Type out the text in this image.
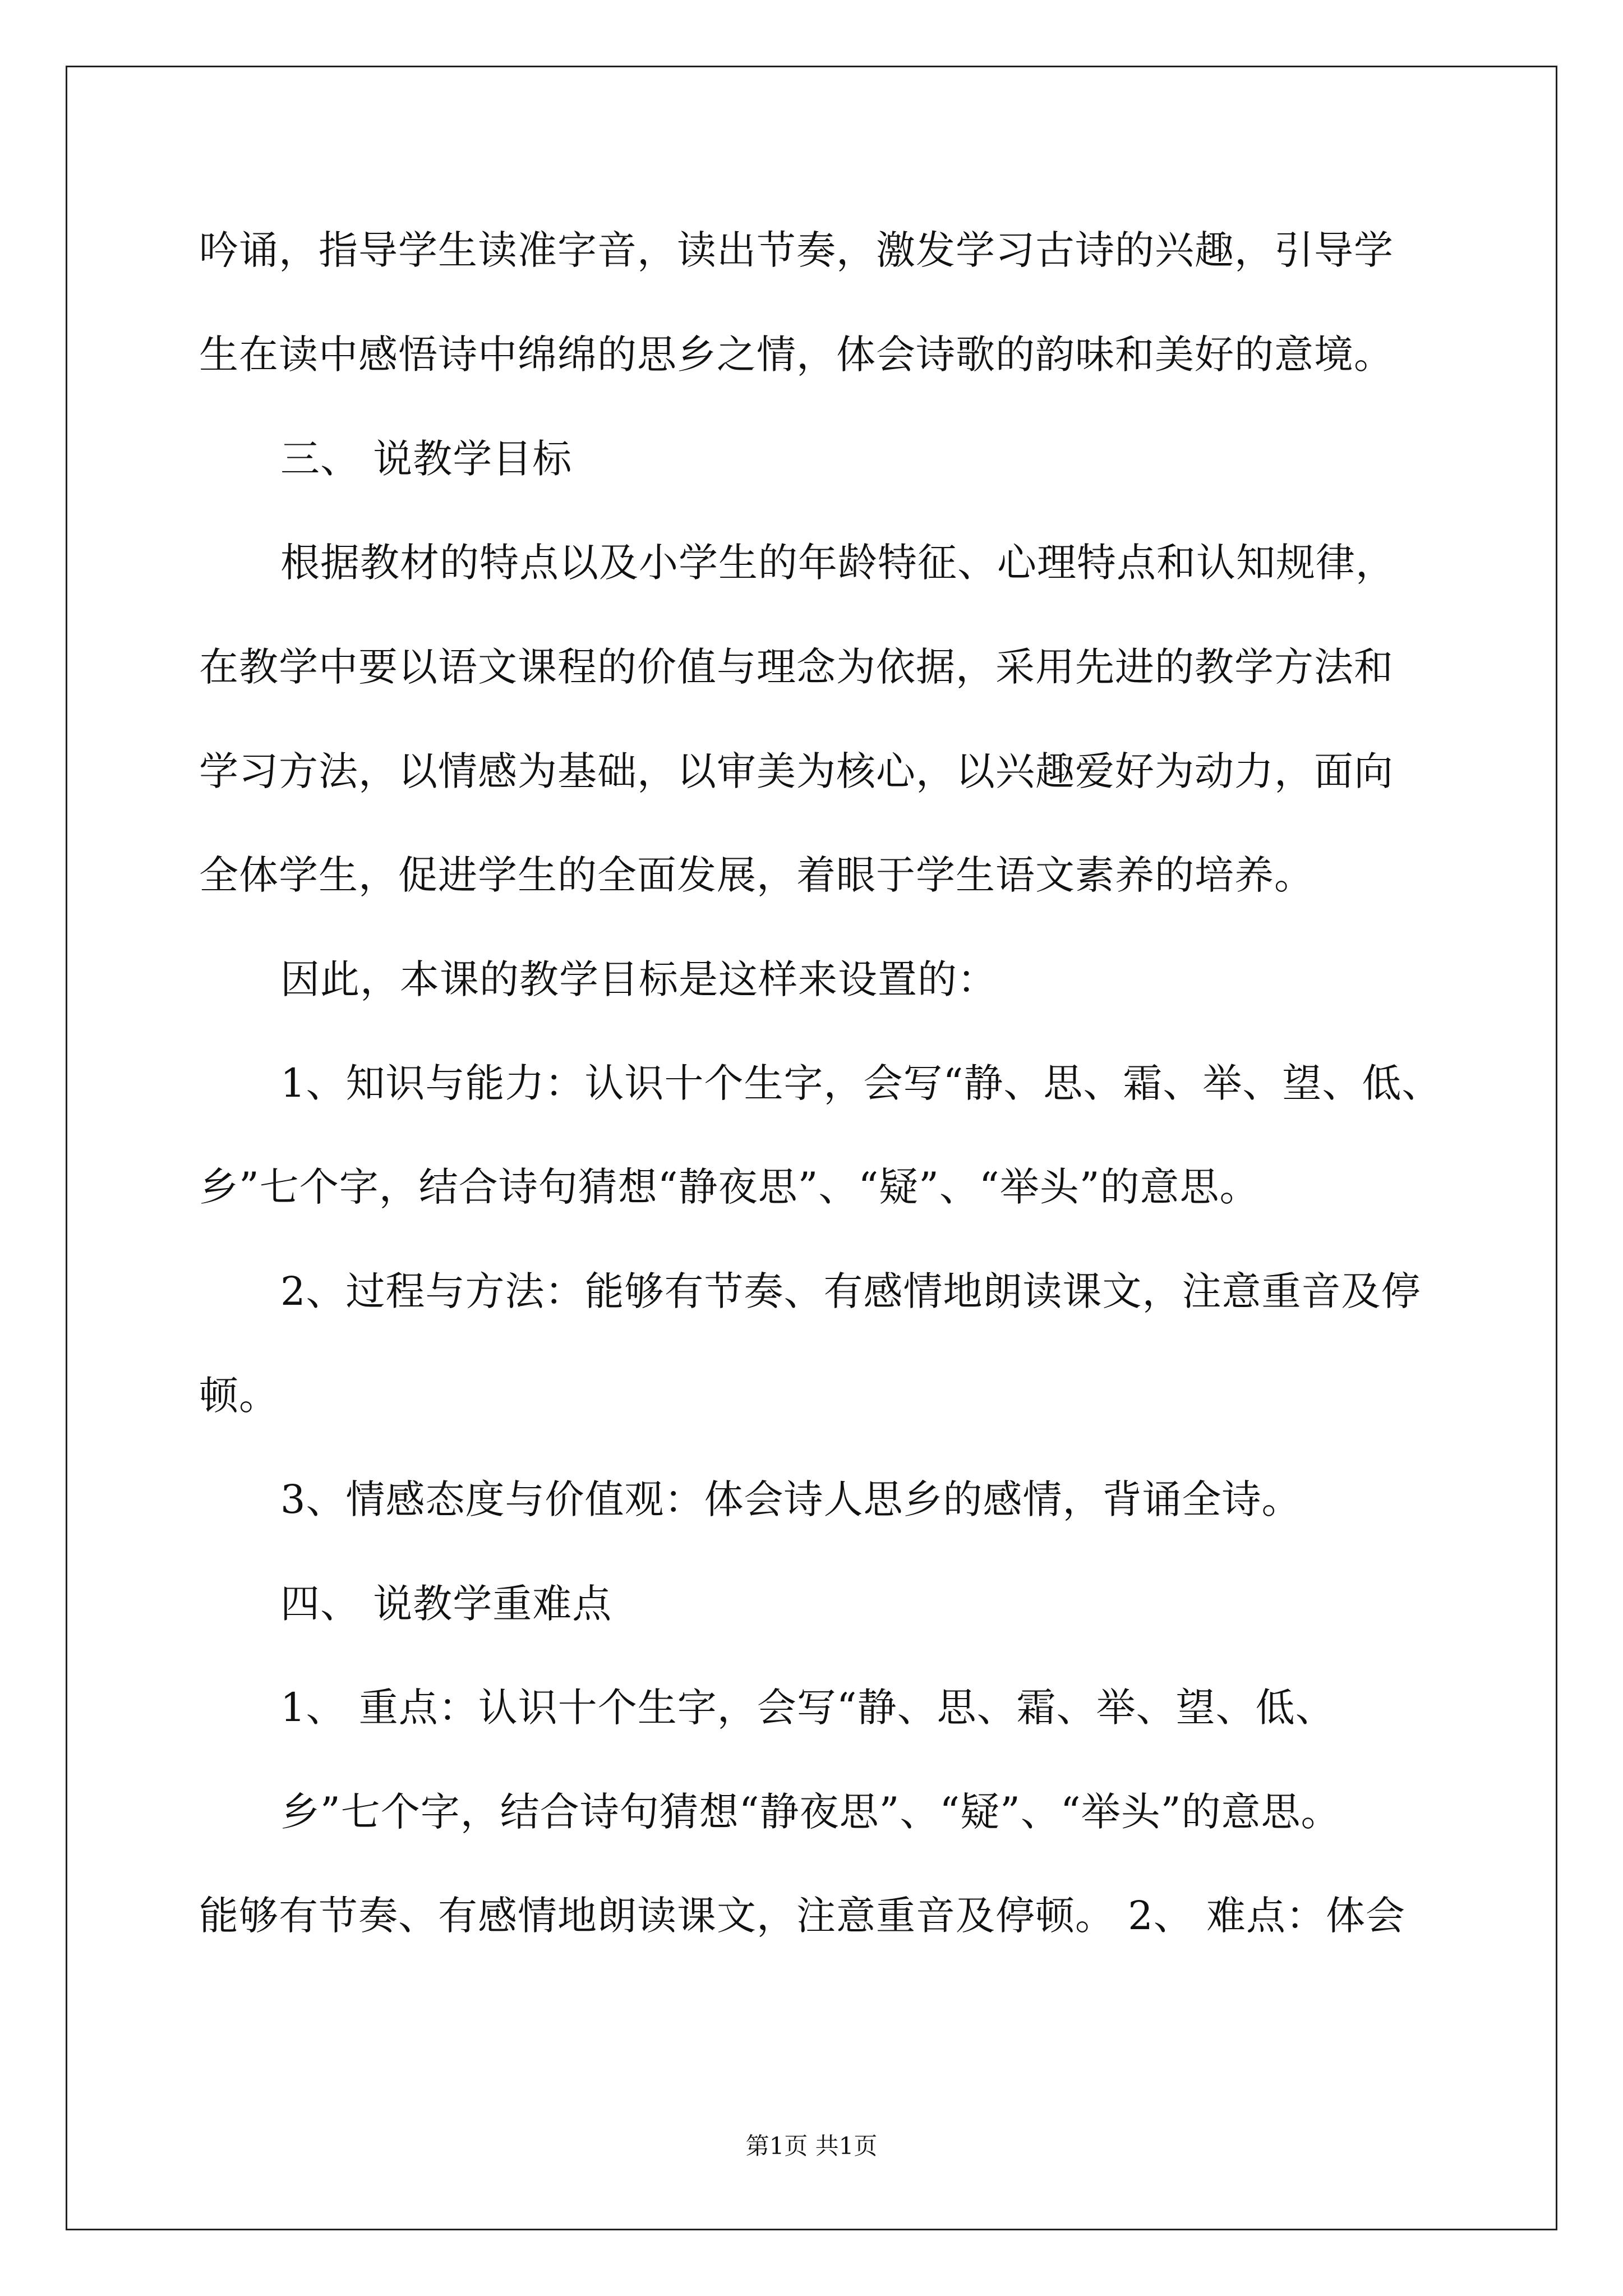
吟诵，指导学生读准字音，读出节奏，激发学习古诗的兴趣，引导学
生在读中感悟诗中绵绵的思乡之情，体会诗歌的韵味和美好的意境。
三、 说教学目标
根据教材的特点以及小学生的年龄特征、心理特点和认知规律，
在教学中要以语文课程的价值与理念为依据，采用先进的教学方法和
学习方法，以情感为基础，以审美为核心，以兴趣爱好为动力，面向
全体学生，促进学生的全面发展，着眼于学生语文素养的培养。
因此，本课的教学目标是这样来设置的：
1、知识与能力：认识十个生字，会写“静、思、霜、举、望、低、
乡”七个字，结合诗句猜想“静夜思”、“疑”、“举头”的意思。
2、过程与方法：能够有节奏、有感情地朗读课文，注意重音及停
顿。
3、情感态度与价值观：体会诗人思乡的感情，背诵全诗。
四、 说教学重难点
1、 重点：认识十个生字，会写“静、思、霜、举、望、低、
乡”七个字，结合诗句猜想“静夜思”、“疑”、“举头”的意思。
能够有节奏、有感情地朗读课文，注意重音及停顿。 2、 难点：体会
第1页 共1页
